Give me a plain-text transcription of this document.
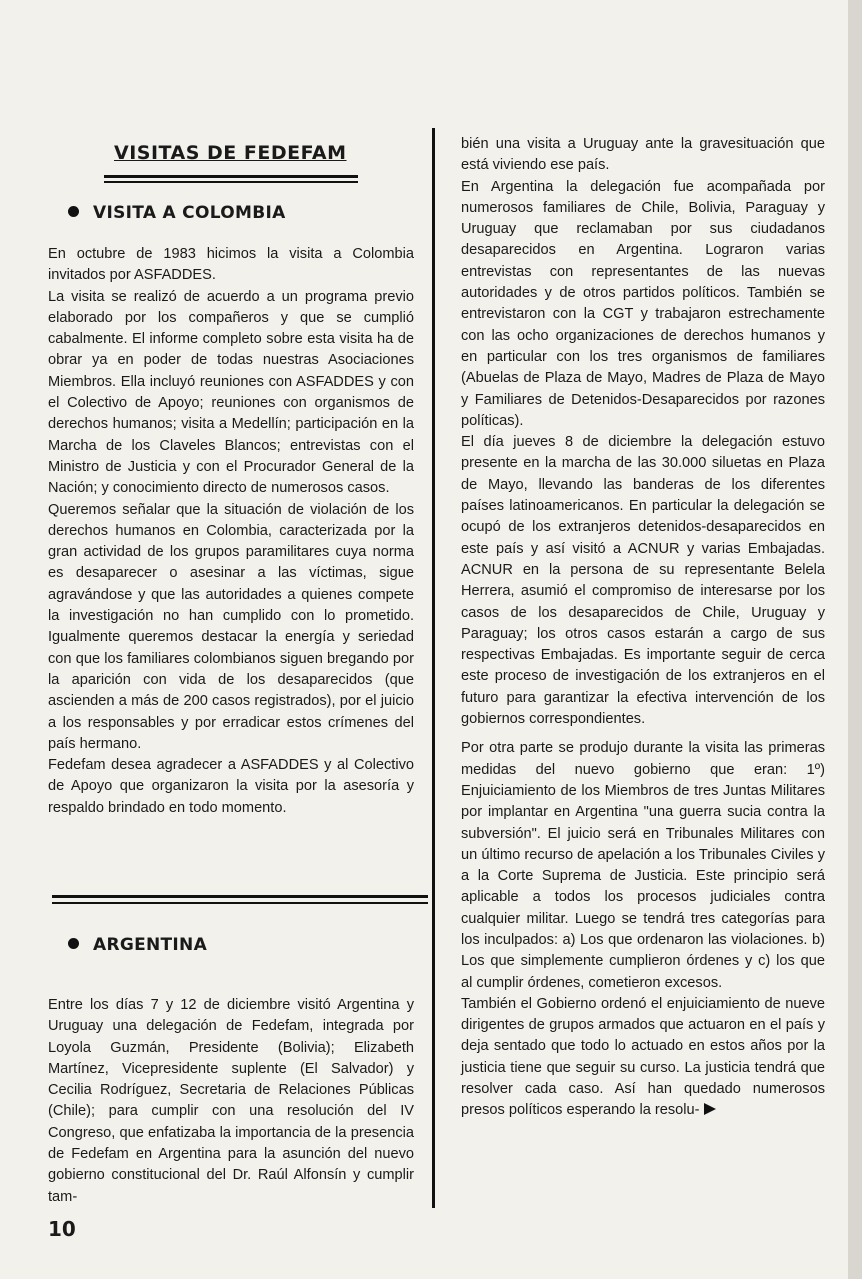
VISITAS DE FEDEFAM
VISITA A COLOMBIA

En octubre de 1983 hicimos la visita a Colombia invitados por ASFADDES.

La visita se realizó de acuerdo a un programa previo elaborado por los compañeros y que se cumplió cabalmente. El informe completo sobre esta visita ha de obrar ya en poder de todas nuestras Asociaciones Miembros. Ella incluyó reuniones con ASFADDES y con el Colectivo de Apoyo; reuniones con organismos de derechos humanos; visita a Medellín; participación en la Marcha de los Claveles Blancos; entrevistas con el Ministro de Justicia y con el Procurador General de la Nación; y conocimiento directo de numerosos casos.

Queremos señalar que la situación de violación de los derechos humanos en Colombia, caracterizada por la gran actividad de los grupos paramilitares cuya norma es desaparecer o asesinar a las víctimas, sigue agravándose y que las autoridades a quienes compete la investigación no han cumplido con lo prometido. Igualmente queremos destacar la energía y seriedad con que los familiares colombianos siguen bregando por la aparición con vida de los desaparecidos (que ascienden a más de 200 casos registrados), por el juicio a los responsables y por erradicar estos crímenes del país hermano.

Fedefam desea agradecer a ASFADDES y al Colectivo de Apoyo que organizaron la visita por la asesoría y respaldo brindado en todo momento.

ARGENTINA

Entre los días 7 y 12 de diciembre visitó Argentina y Uruguay una delegación de Fedefam, integrada por Loyola Guzmán, Presidente (Bolivia); Elizabeth Martínez, Vicepresidente suplente (El Salvador) y Cecilia Rodríguez, Secretaria de Relaciones Públicas (Chile); para cumplir con una resolución del IV Congreso, que enfatizaba la importancia de la presencia de Fedefam en Argentina para la asunción del nuevo gobierno constitucional del Dr. Raúl Alfonsín y cumplir tam-

bién una visita a Uruguay ante la gravesituación que está viviendo ese país.

En Argentina la delegación fue acompañada por numerosos familiares de Chile, Bolivia, Paraguay y Uruguay que reclamaban por sus ciudadanos desaparecidos en Argentina. Lograron varias entrevistas con representantes de las nuevas autoridades y de otros partidos políticos. También se entrevistaron con la CGT y trabajaron estrechamente con las ocho organizaciones de derechos humanos y en particular con los tres organismos de familiares (Abuelas de Plaza de Mayo, Madres de Plaza de Mayo y Familiares de Detenidos-Desaparecidos por razones políticas).

El día jueves 8 de diciembre la delegación estuvo presente en la marcha de las 30.000 siluetas en Plaza de Mayo, llevando las banderas de los diferentes países latinoamericanos. En particular la delegación se ocupó de los extranjeros detenidos-desaparecidos en este país y así visitó a ACNUR y varias Embajadas. ACNUR en la persona de su representante Belela Herrera, asumió el compromiso de interesarse por los casos de los desaparecidos de Chile, Uruguay y Paraguay; los otros casos estarán a cargo de sus respectivas Embajadas. Es importante seguir de cerca este proceso de investigación de los extranjeros en el futuro para garantizar la efectiva intervención de los gobiernos correspondientes.

Por otra parte se produjo durante la visita las primeras medidas del nuevo gobierno que eran: 1º) Enjuiciamiento de los Miembros de tres Juntas Militares por implantar en Argentina "una guerra sucia contra la subversión". El juicio será en Tribunales Militares con un último recurso de apelación a los Tribunales Civiles y a la Corte Suprema de Justicia. Este principio será aplicable a todos los procesos judiciales contra cualquier militar. Luego se tendrá tres categorías para los inculpados: a) Los que ordenaron las violaciones. b) Los que simplemente cumplieron órdenes y c) los que al cumplir órdenes, cometieron excesos.

También el Gobierno ordenó el enjuiciamiento de nueve dirigentes de grupos armados que actuaron en el país y deja sentado que todo lo actuado en estos años por la justicia tiene que seguir su curso. La justicia tendrá que resolver cada caso. Así han quedado numerosos presos políticos esperando la resolu-

10
